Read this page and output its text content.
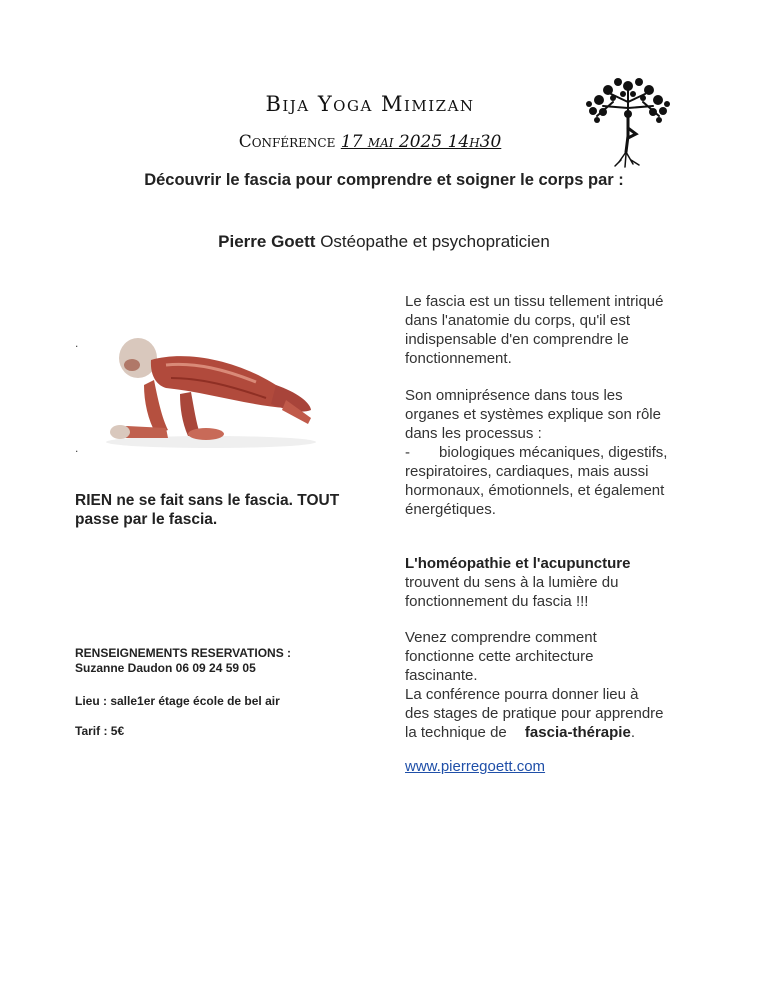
Bija Yoga Mimizan
Conférence 17 mai 2025 14h30
Découvrir le fascia pour comprendre et soigner le corps par :
Pierre Goett Ostéopathe et psychopraticien
.
.
RIEN ne se fait sans le fascia. TOUT
passe par le fascia.
RENSEIGNEMENTS RESERVATIONS :
Suzanne Daudon 06 09 24 59 05
Lieu : salle1er étage école de bel air
Tarif : 5€

Le fascia est un tissu tellement intriqué

dans l'anatomie du corps, qu'il est

indispensable d'en comprendre le

fonctionnement.

Son omniprésence dans tous les

organes et systèmes explique son rôle

dans les processus :

-	biologiques mécaniques, digestifs,

respiratoires, cardiaques, mais aussi

hormonaux, émotionnels, et également

énergétiques.

L'homéopathie et l'acupuncture

trouvent du sens à la lumière du

fonctionnement du fascia !!!

Venez comprendre comment

fonctionne cette architecture

fascinante.

La conférence pourra donner lieu à

des stages de pratique pour apprendre

la technique de fascia-thérapie.

www.pierregoett.com
